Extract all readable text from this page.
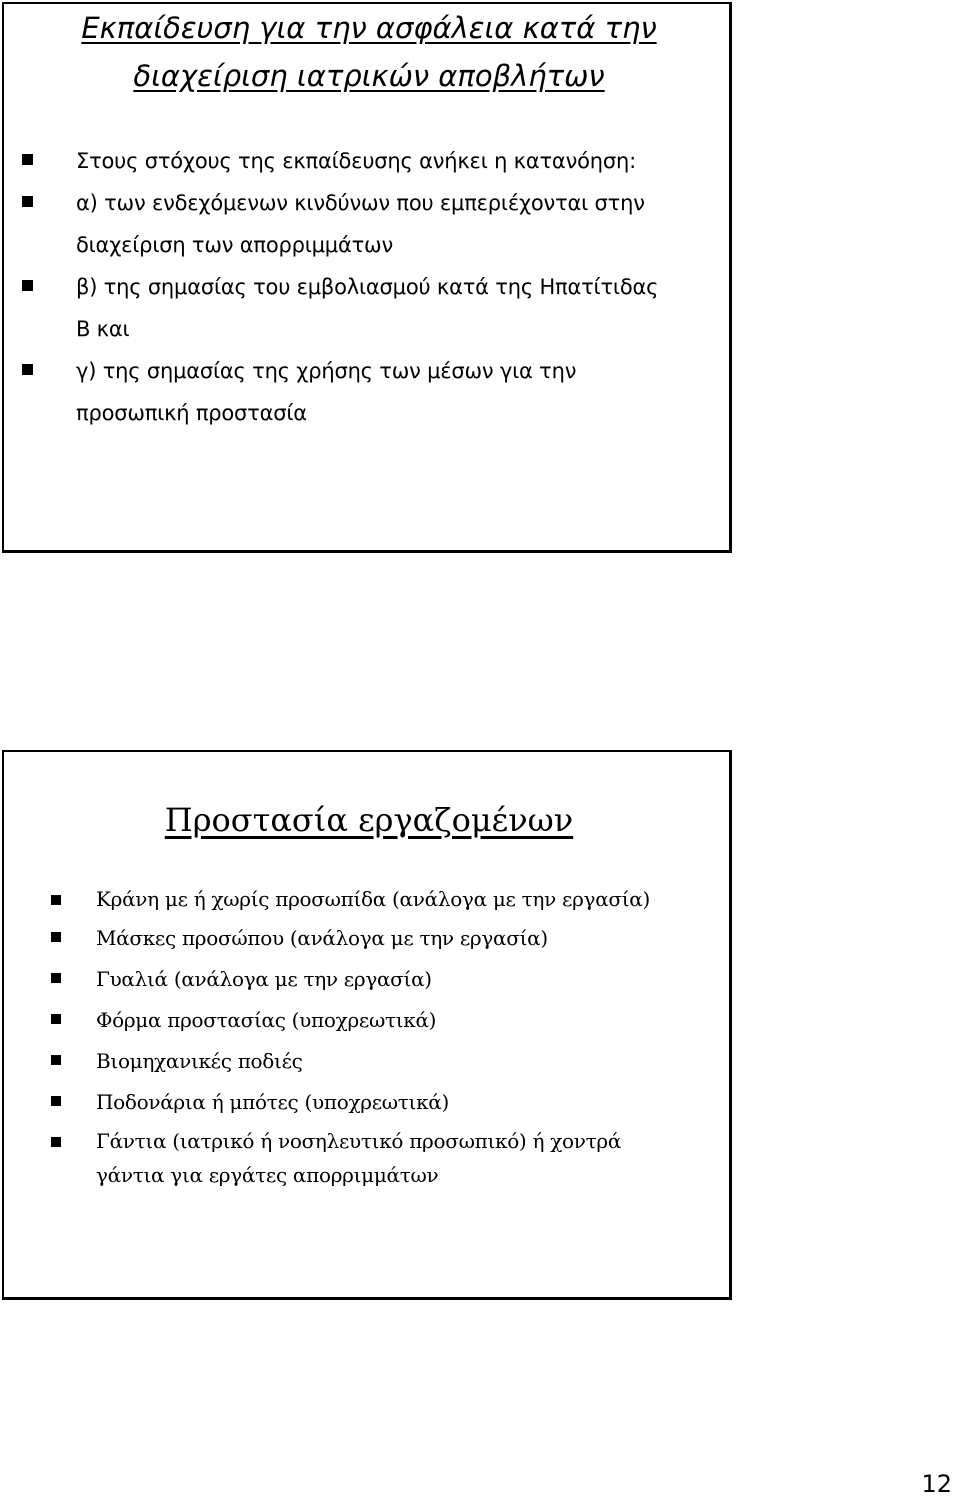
Εκπαίδευση για την ασφάλεια κατά την
διαχείριση ιατρικών αποβλήτων
Στους στόχους της εκπαίδευσης ανήκει η κατανόηση:
α) των ενδεχόμενων κινδύνων που εμπεριέχονται στην διαχείριση των απορριμμάτων
β) της σημασίας του εμβολιασμού κατά της Ηπατίτιδας Β και
γ) της σημασίας της χρήσης των μέσων για την προσωπική προστασία
Προστασία εργαζομένων
Κράνη με ή χωρίς προσωπίδα (ανάλογα με την εργασία)
Μάσκες προσώπου (ανάλογα με την εργασία)
Γυαλιά (ανάλογα με την εργασία)
Φόρμα προστασίας (υποχρεωτικά)
Βιομηχανικές ποδιές
Ποδονάρια ή μπότες (υποχρεωτικά)
Γάντια (ιατρικό ή νοσηλευτικό προσωπικό) ή χοντρά γάντια για εργάτες απορριμμάτων
12
